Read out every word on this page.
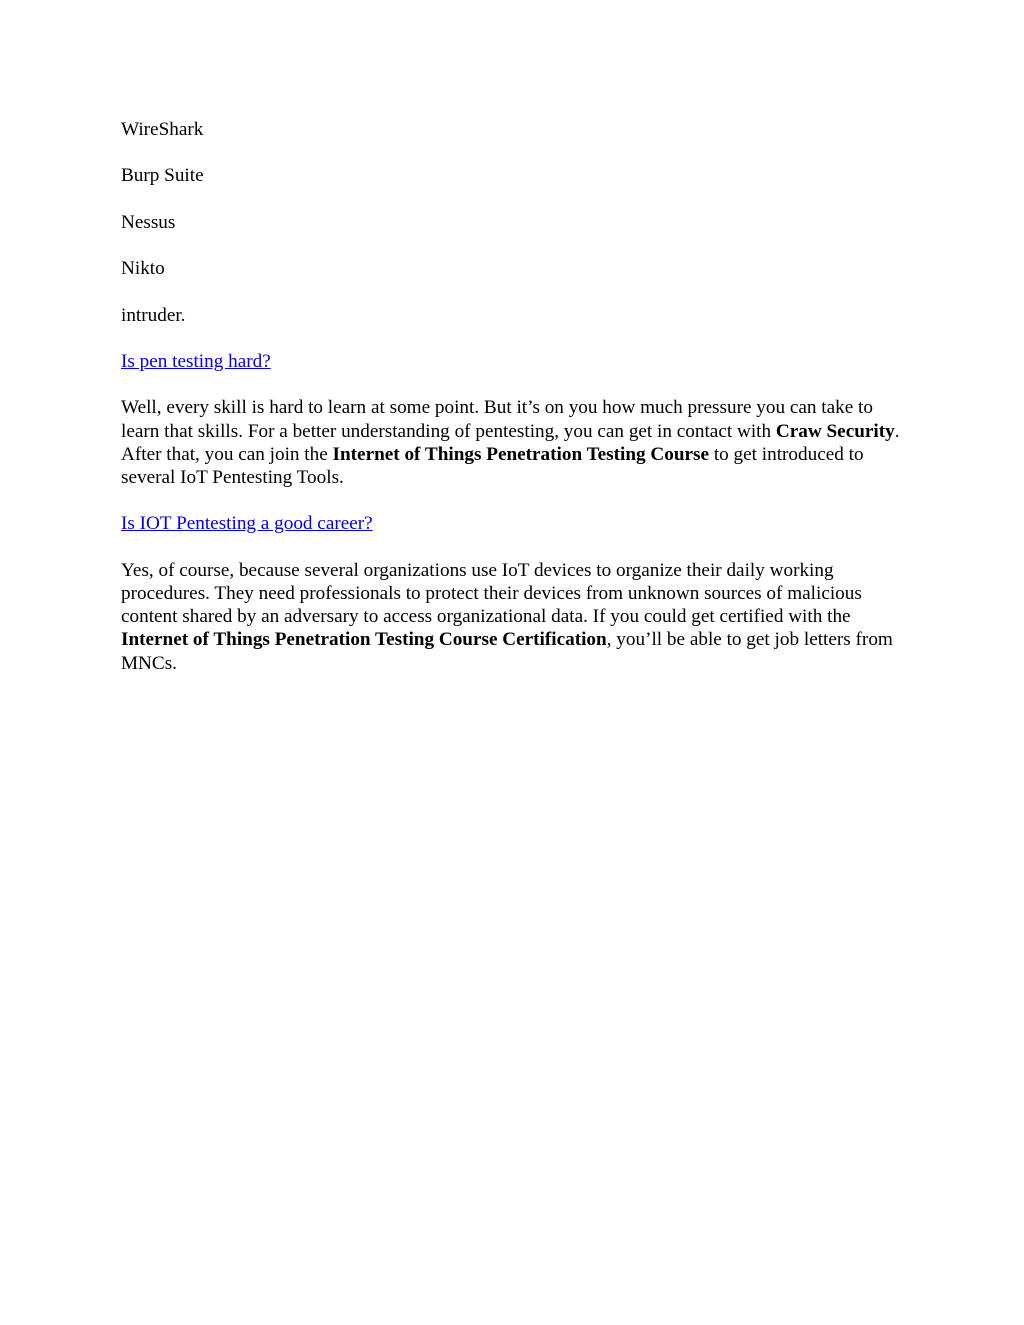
WireShark

Burp Suite

Nessus

Nikto

intruder.

Is pen testing hard?

Well, every skill is hard to learn at some point. But it’s on you how much pressure you can take to learn that skills. For a better understanding of pentesting, you can get in contact with Craw Security. After that, you can join the Internet of Things Penetration Testing Course to get introduced to several IoT Pentesting Tools.

Is IOT Pentesting a good career?

Yes, of course, because several organizations use IoT devices to organize their daily working procedures. They need professionals to protect their devices from unknown sources of malicious content shared by an adversary to access organizational data. If you could get certified with the Internet of Things Penetration Testing Course Certification, you’ll be able to get job letters from MNCs.
